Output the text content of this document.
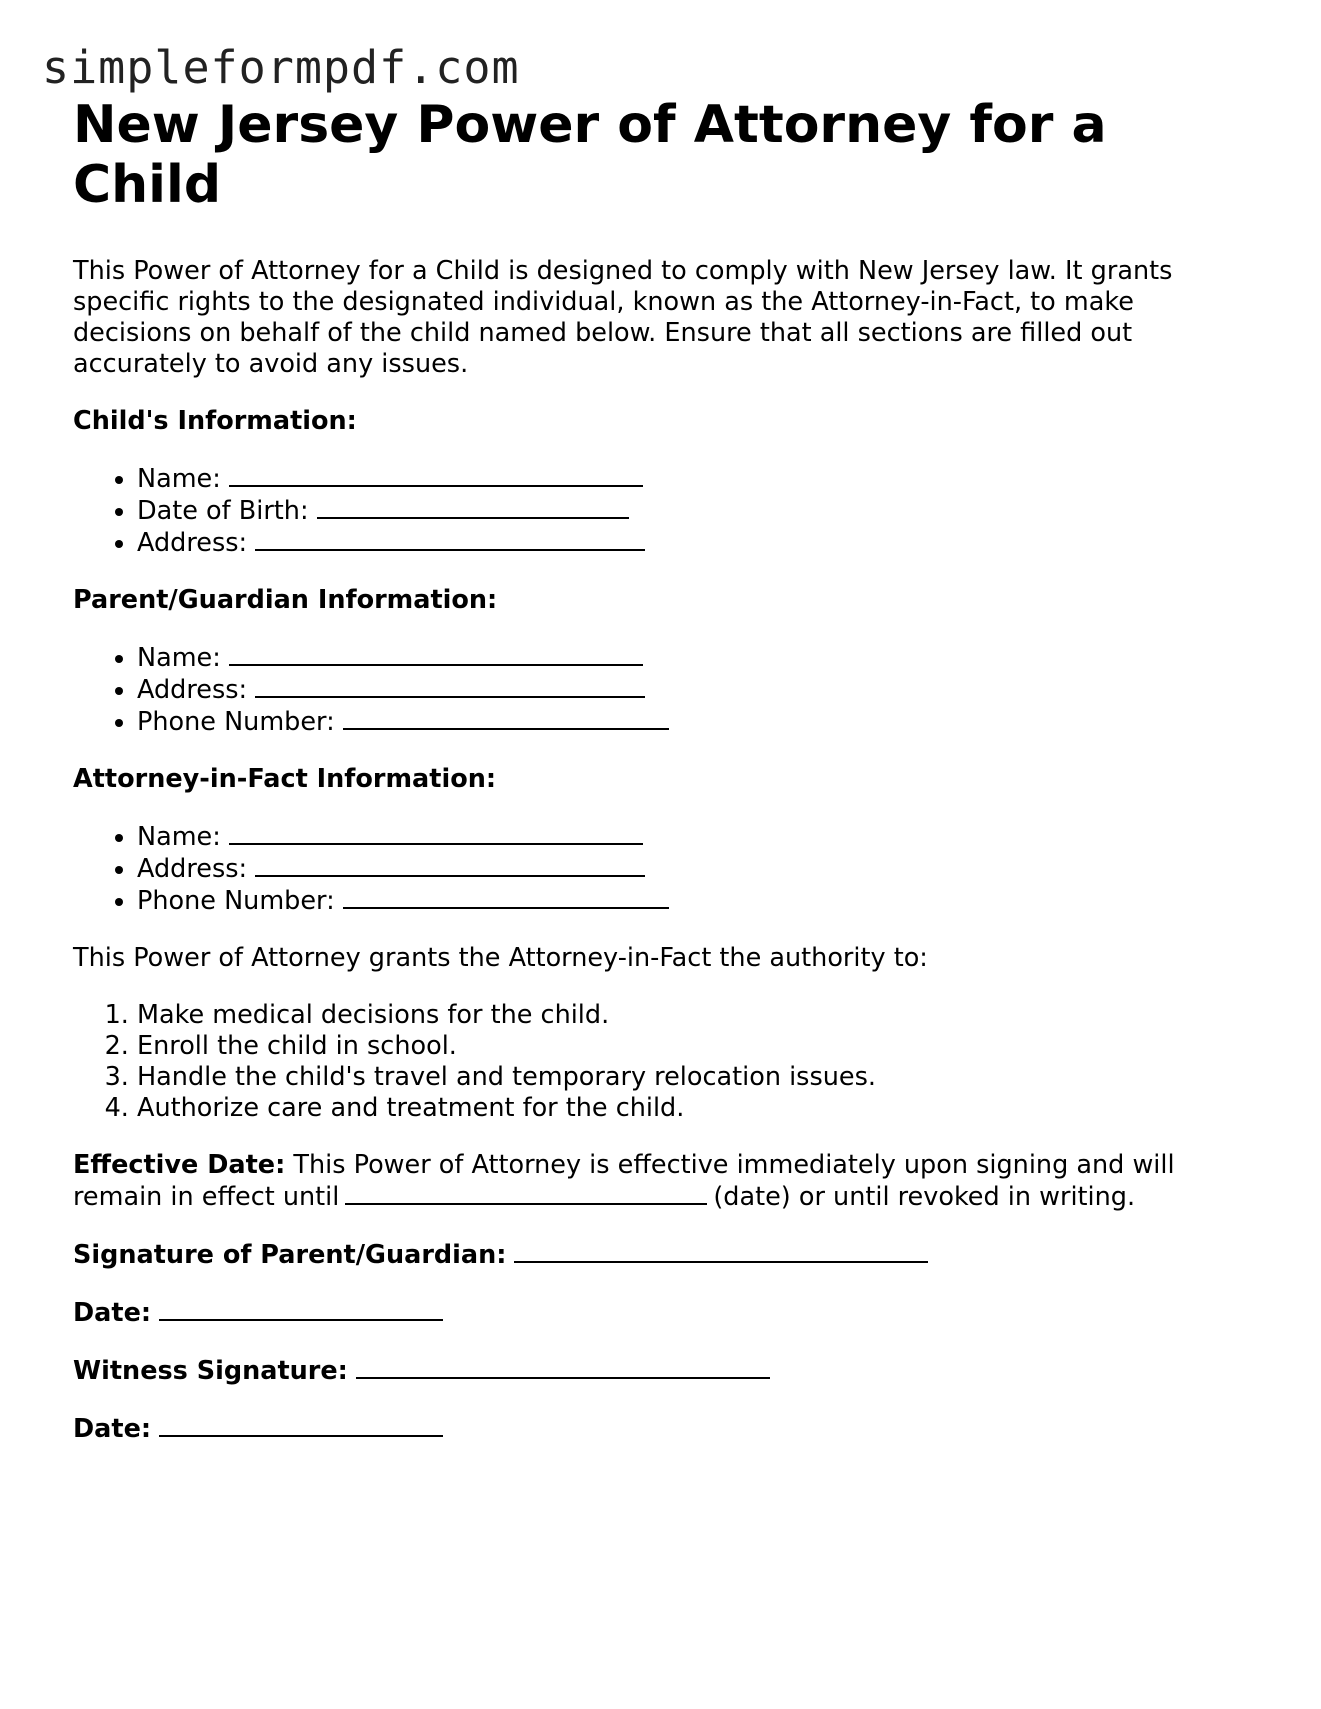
simpleformpdf.com
New Jersey Power of Attorney for a Child

This Power of Attorney for a Child is designed to comply with New Jersey law. It grants specific rights to the designated individual, known as the Attorney-in-Fact, to make decisions on behalf of the child named below. Ensure that all sections are filled out accurately to avoid any issues.

Child's Information:

• Name:
• Date of Birth:
• Address:

Parent/Guardian Information:

• Name:
• Address:
• Phone Number:

Attorney-in-Fact Information:

• Name:
• Address:
• Phone Number:

This Power of Attorney grants the Attorney-in-Fact the authority to:

1. Make medical decisions for the child.
2. Enroll the child in school.
3. Handle the child's travel and temporary relocation issues.
4. Authorize care and treatment for the child.

Effective Date: This Power of Attorney is effective immediately upon signing and will remain in effect until	(date) or until revoked in writing.

Signature of Parent/Guardian:

Date:

Witness Signature:

Date:
